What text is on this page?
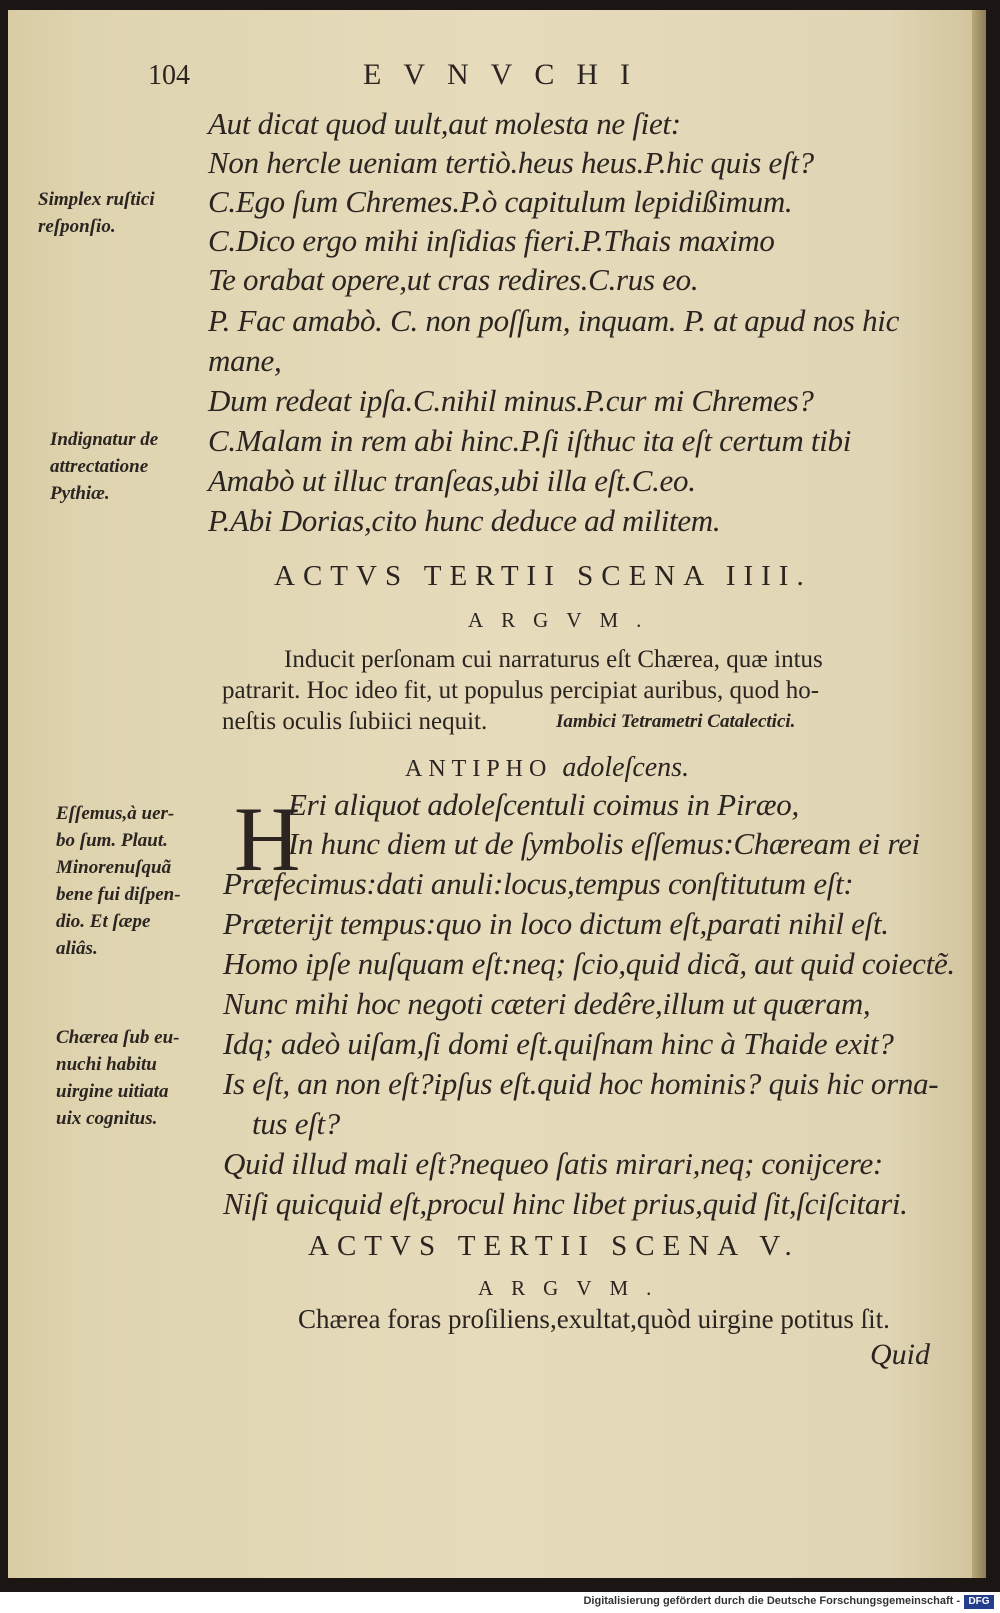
104	EVNVCHI
Aut dicat quod uult,aut molesta ne ſiet:
Non hercle ueniam tertiò.heus heus.P.hic quis eſt?
C.Ego ſum Chremes.P.ò capitulum lepidißimum.
C.Dico ergo mihi inſidias fieri.P.Thais maximo
Te orabat opere,ut cras redires.C.rus eo.
P. Fac amabò. C. non poſſum, inquam. P. at apud nos hic
mane,
Dum redeat ipſa.C.nihil minus.P.cur mi Chremes?
C.Malam in rem abi hinc.P.ſi iſthuc ita eſt certum tibi
Amabò ut illuc tranſeas,ubi illa eſt.C.eo.
P.Abi Dorias,cito hunc deduce ad militem.
Simplex ruſtici
reſponſio.
Indignatur de
attrectatione
Pythiæ.
Eſſemus,à uer-
bo ſum. Plaut.
Minorenuſquã
bene fui diſpen-
dio. Et ſæpe
aliâs.
Chærea ſub eu-
nuchi habitu
uirgine uitiata
uix cognitus.
ACTVS TERTII SCENA IIII.
ARGVM.
Inducit perſonam cui narraturus eſt Chærea, quæ intus
patrarit. Hoc ideo fit, ut populus percipiat auribus, quod ho-
neſtis oculis ſubiici nequit.	Iambici Tetrametri Catalectici.
ANTIPHO adoleſcens.
H
Eri aliquot adoleſcentuli coimus in Piræo,
In hunc diem ut de ſymbolis eſſemus:Chæream ei rei
Præfecimus:dati anuli:locus,tempus conſtitutum eſt:
Præterijt tempus:quo in loco dictum eſt,parati nihil eſt.
Homo ipſe nuſquam eſt:neq; ſcio,quid dicã, aut quid coiectẽ.
Nunc mihi hoc negoti cæteri dedêre,illum ut quæram,
Idq; adeò uiſam,ſi domi eſt.quiſnam hinc à Thaide exit?
Is eſt, an non eſt?ipſus eſt.quid hoc hominis? quis hic orna-
tus eſt?
Quid illud mali eſt?nequeo ſatis mirari,neq; conijcere:
Niſi quicquid eſt,procul hinc libet prius,quid ſit,ſciſcitari.
ACTVS TERTII SCENA V.
ARGVM.
Chærea foras proſiliens,exultat,quòd uirgine potitus ſit.
Quid
Digitalisierung gefördert durch die Deutsche Forschungsgemeinschaft - DFG
